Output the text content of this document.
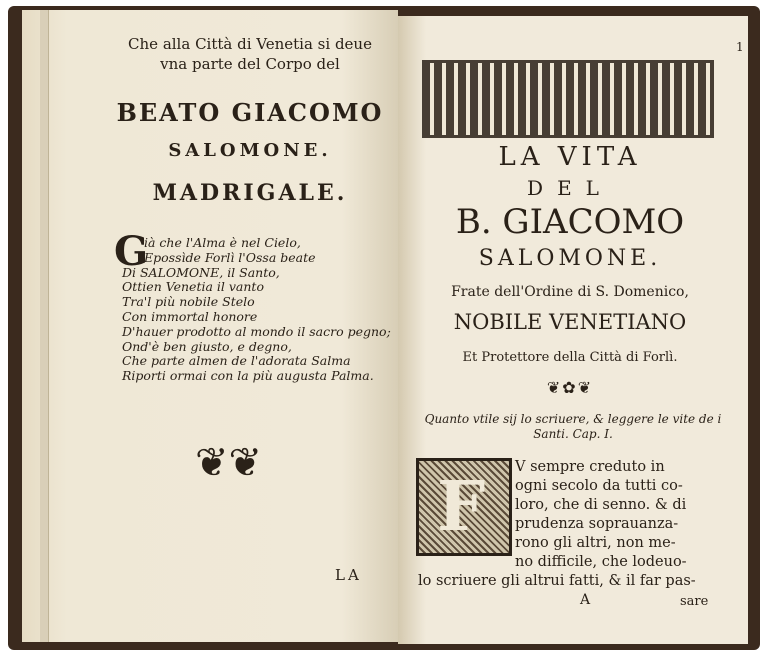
Che alla Città di Venetia si deue
vna parte del Corpo del
BEATO GIACOMO
SALOMONE.
MADRIGALE.
G
ià che l'Alma è nel Cielo,
Epossìde Forlì l'Ossa beate
Di SALOMONE, il Santo,
Ottien Venetia il vanto
Tra'l più nobile Stelo
Con immortal honore
D'hauer prodotto al mondo il sacro pegno;
Ond'è ben giusto, e degno,
Che parte almen de l'adorata Salma
Riporti ormai con la più augusta Palma.
❦❦
LA
1
LA VITA
DEL
B. GIACOMO
SALOMONE.
Frate dell'Ordine di S. Domenico,
NOBILE VENETIANO
Et Protettore della Città di Forlì.
❦✿❦
Quanto vtile sij lo scriuere, & leggere le vite de i Santi. Cap. I.
F V sempre creduto in
ogni secolo da tutti co-
loro, che di senno. & di
prudenza soprauanza-
rono gli altri, non me-
no difficile, che lodeuo-
lo scriuere gli altrui fatti, & il far pas-
A	sare
